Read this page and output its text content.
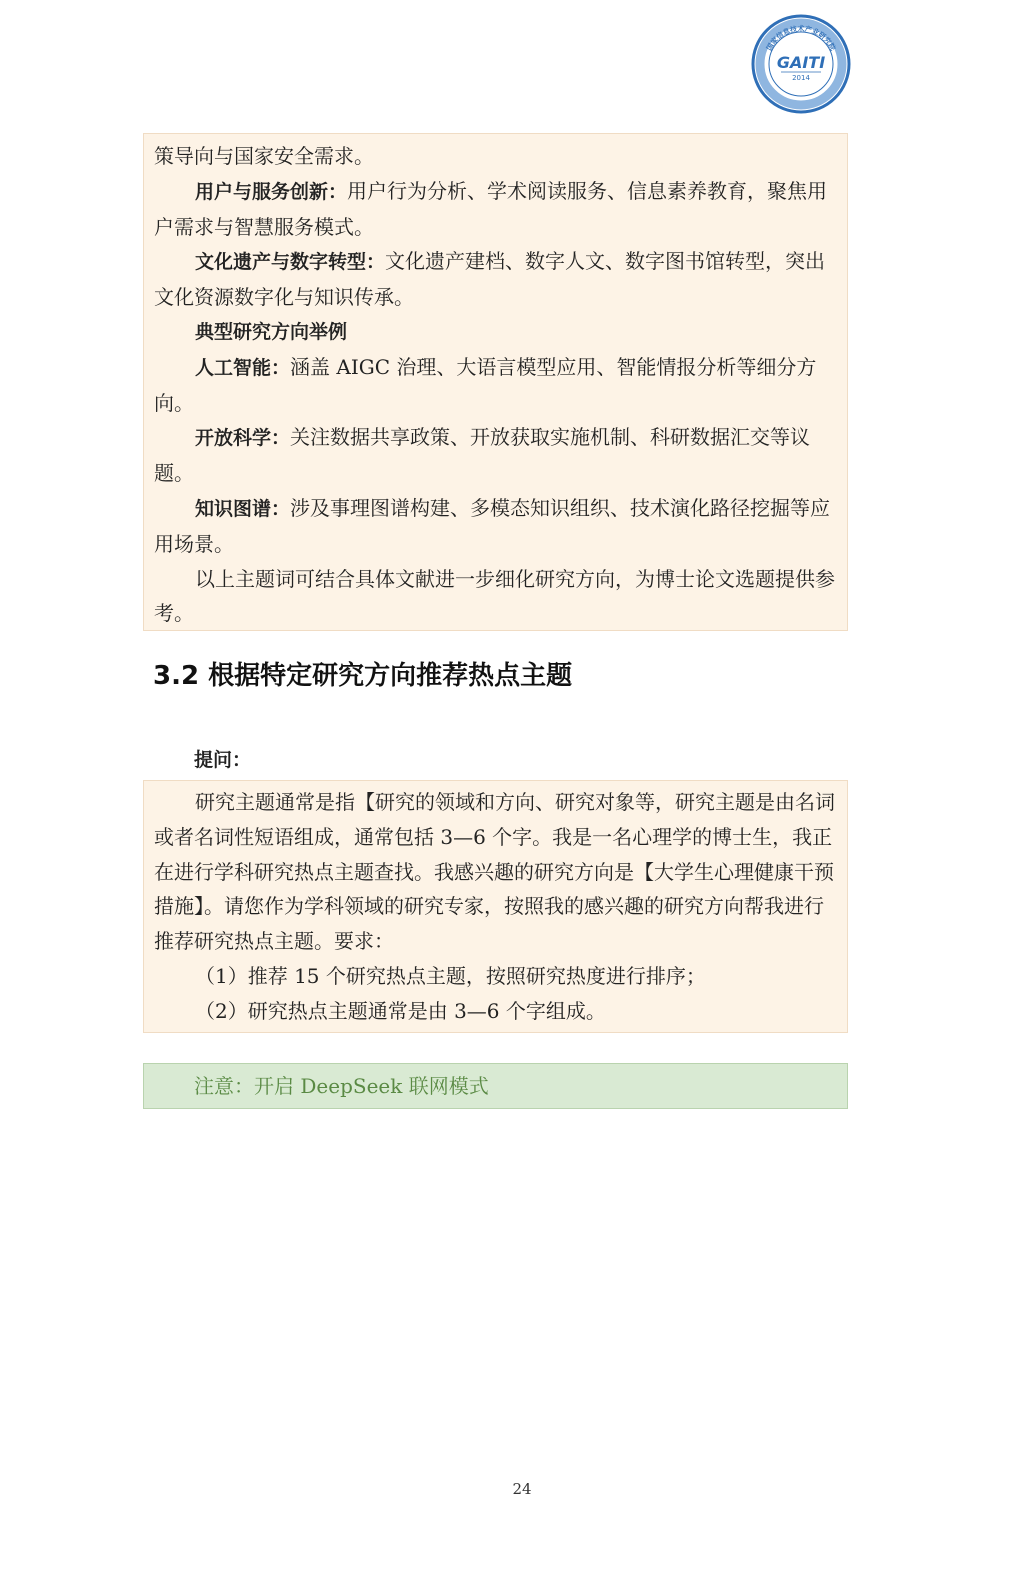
国家信息技术产业研究院
GAITI
2014

策导向与国家安全需求。

用户与服务创新：用户行为分析、学术阅读服务、信息素养教育，聚焦用户需求与智慧服务模式。

文化遗产与数字转型：文化遗产建档、数字人文、数字图书馆转型，突出文化资源数字化与知识传承。

典型研究方向举例

人工智能：涵盖 AIGC 治理、大语言模型应用、智能情报分析等细分方向。

开放科学：关注数据共享政策、开放获取实施机制、科研数据汇交等议题。

知识图谱：涉及事理图谱构建、多模态知识组织、技术演化路径挖掘等应用场景。

以上主题词可结合具体文献进一步细化研究方向，为博士论文选题提供参考。

3.2 根据特定研究方向推荐热点主题

提问：

研究主题通常是指【研究的领域和方向、研究对象等，研究主题是由名词或者名词性短语组成，通常包括 3—6 个字。我是一名心理学的博士生，我正在进行学科研究热点主题查找。我感兴趣的研究方向是【大学生心理健康干预措施】。请您作为学科领域的研究专家，按照我的感兴趣的研究方向帮我进行推荐研究热点主题。要求：

（1）推荐 15 个研究热点主题，按照研究热度进行排序；

（2）研究热点主题通常是由 3—6 个字组成。

注意：开启 DeepSeek 联网模式
24
